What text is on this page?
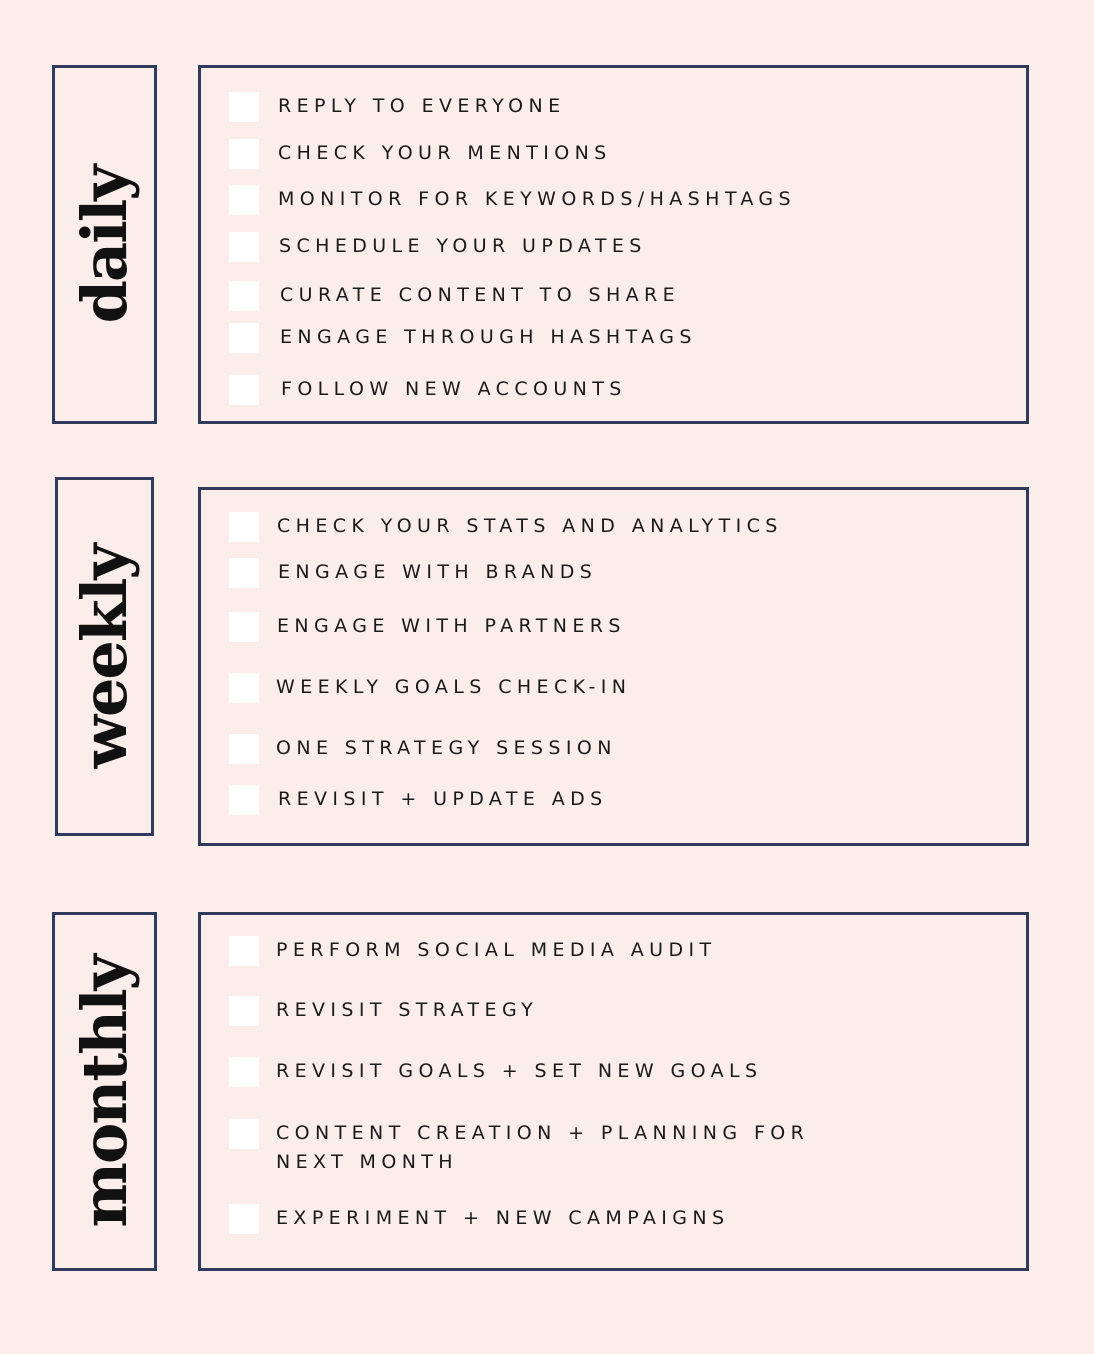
daily
REPLY TO EVERYONE
CHECK YOUR MENTIONS
MONITOR FOR KEYWORDS/HASHTAGS
SCHEDULE YOUR UPDATES
CURATE CONTENT TO SHARE
ENGAGE THROUGH HASHTAGS
FOLLOW NEW ACCOUNTS
weekly
CHECK YOUR STATS AND ANALYTICS
ENGAGE WITH BRANDS
ENGAGE WITH PARTNERS
WEEKLY GOALS CHECK-IN
ONE STRATEGY SESSION
REVISIT + UPDATE ADS
monthly
PERFORM SOCIAL MEDIA AUDIT
REVISIT STRATEGY
REVISIT GOALS + SET NEW GOALS
CONTENT CREATION + PLANNING FOR
NEXT MONTH
EXPERIMENT + NEW CAMPAIGNS
